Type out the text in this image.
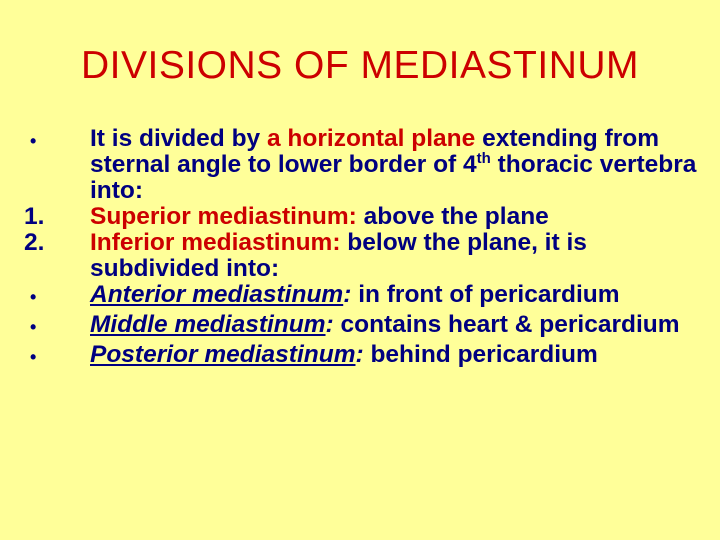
DIVISIONS OF MEDIASTINUM
•	It is divided by a horizontal plane extending from sternal angle to lower border of 4th thoracic vertebra into:
1.	Superior mediastinum: above the plane
2.	Inferior mediastinum: below the plane, it is subdivided into:
•	Anterior mediastinum: in front of pericardium
•	Middle mediastinum: contains heart & pericardium
•	Posterior mediastinum: behind pericardium
